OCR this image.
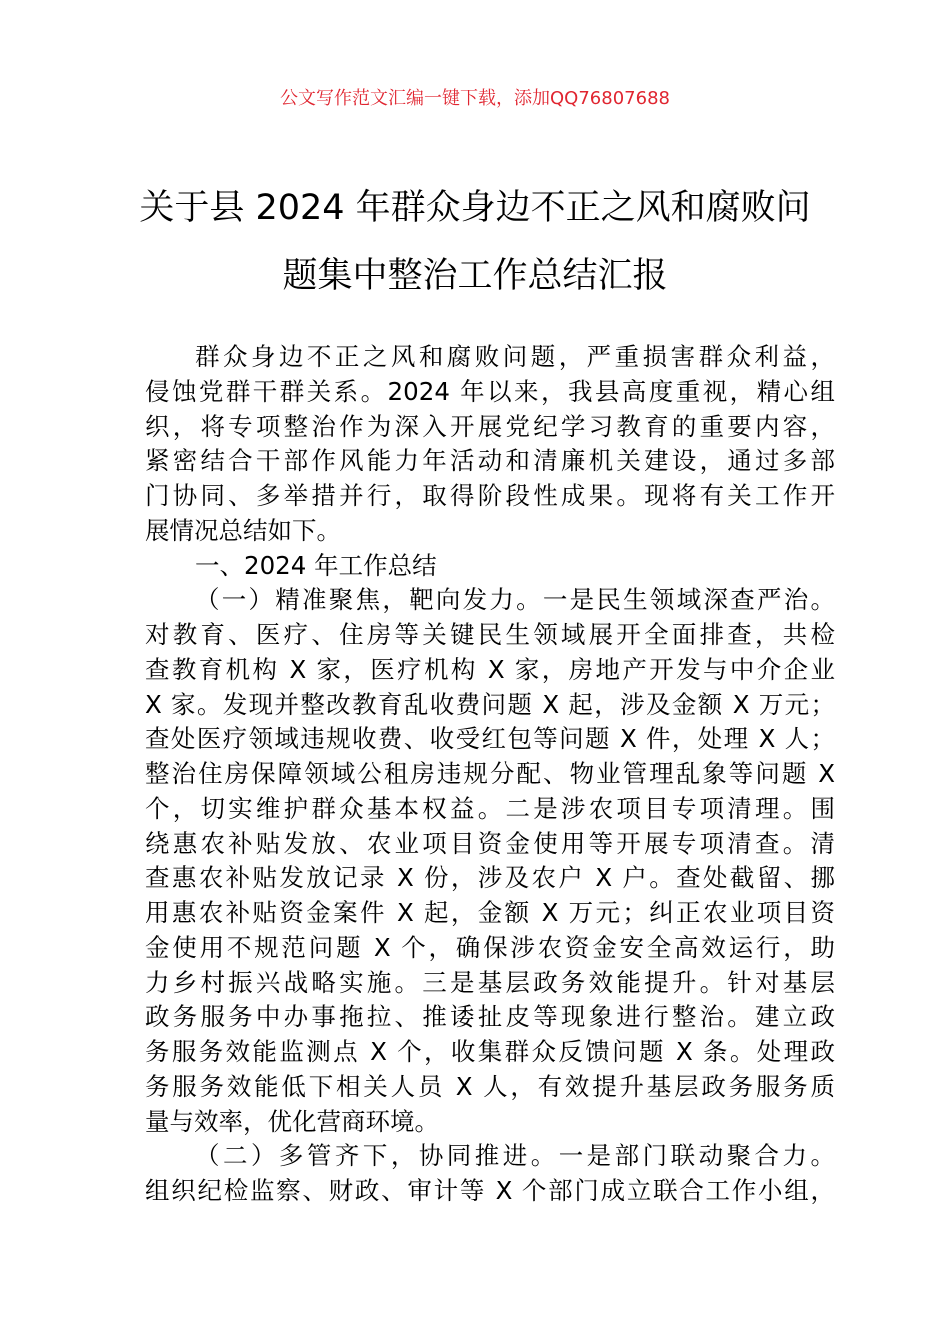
公文写作范文汇编一键下载，添加QQ76807688
关于县 2024 年群众身边不正之风和腐败问
题集中整治工作总结汇报
群众身边不正之风和腐败问题，严重损害群众利益，
侵蚀党群干群关系。2024 年以来，我县高度重视，精心组
织，将专项整治作为深入开展党纪学习教育的重要内容，
紧密结合干部作风能力年活动和清廉机关建设，通过多部
门协同、多举措并行，取得阶段性成果。现将有关工作开
展情况总结如下。
一、2024 年工作总结
（一）精准聚焦，靶向发力。一是民生领域深查严治。
对教育、医疗、住房等关键民生领域展开全面排查，共检
查教育机构 X 家，医疗机构 X 家，房地产开发与中介企业
X 家。发现并整改教育乱收费问题 X 起，涉及金额 X 万元；
查处医疗领域违规收费、收受红包等问题 X 件，处理 X 人；
整治住房保障领域公租房违规分配、物业管理乱象等问题 X
个，切实维护群众基本权益。二是涉农项目专项清理。围
绕惠农补贴发放、农业项目资金使用等开展专项清查。清
查惠农补贴发放记录 X 份，涉及农户 X 户。查处截留、挪
用惠农补贴资金案件 X 起，金额 X 万元；纠正农业项目资
金使用不规范问题 X 个，确保涉农资金安全高效运行，助
力乡村振兴战略实施。三是基层政务效能提升。针对基层
政务服务中办事拖拉、推诿扯皮等现象进行整治。建立政
务服务效能监测点 X 个，收集群众反馈问题 X 条。处理政
务服务效能低下相关人员 X 人，有效提升基层政务服务质
量与效率，优化营商环境。
（二）多管齐下，协同推进。一是部门联动聚合力。
组织纪检监察、财政、审计等 X 个部门成立联合工作小组，
